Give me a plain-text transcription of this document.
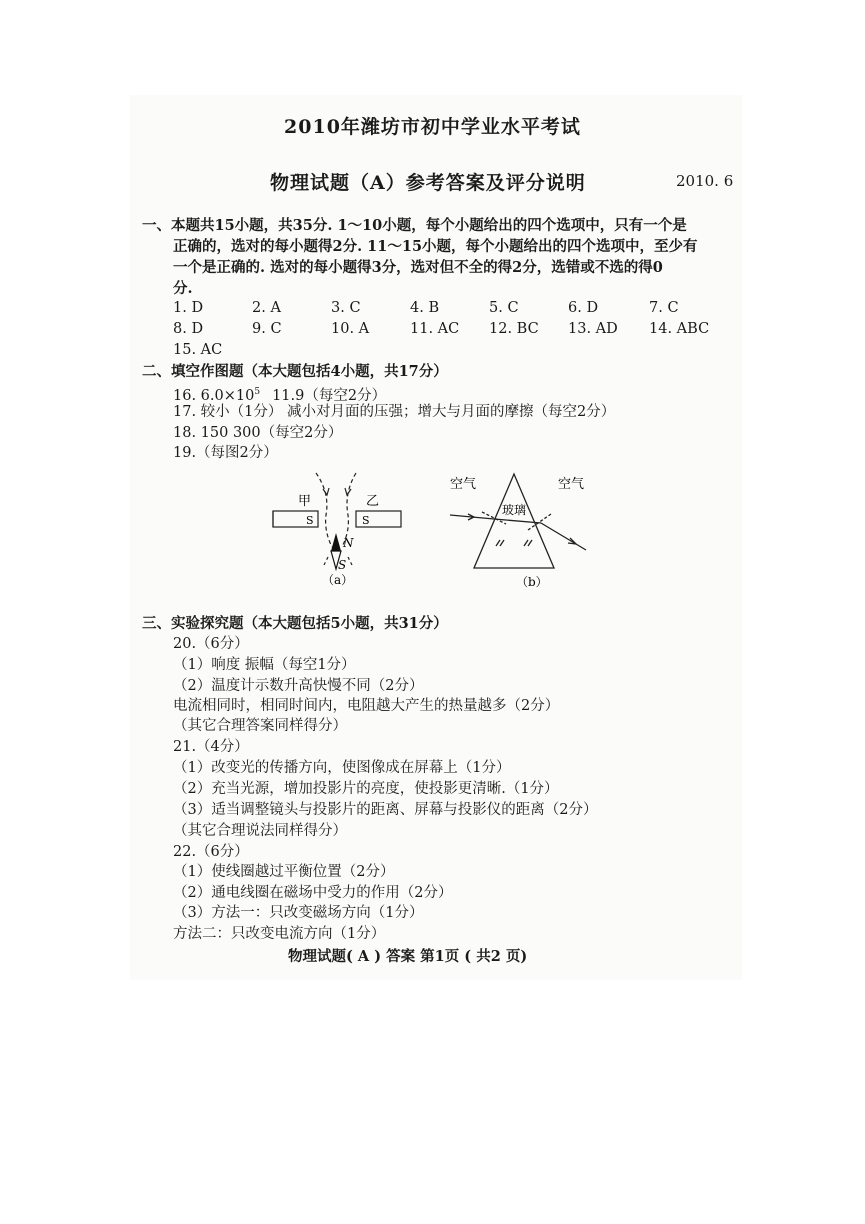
2010年潍坊市初中学业水平考试
物理试题（A）参考答案及评分说明	2010. 6
一、本题共15小题，共35分. 1～10小题，每个小题给出的四个选项中，只有一个是
正确的，选对的每小题得2分. 11～15小题，每个小题给出的四个选项中，至少有
一个是正确的. 选对的每小题得3分，选对但不全的得2分，选错或不选的得0
分.
1. D	2. A	3. C	4. B	5. C	6. D	7. C
8. D	9. C	10. A	11. AC 12. BC 13. AD 14. ABC
15. AC
二、填空作图题（本大题包括4小题，共17分）
16. $6.0\times 10^5$ 11.9（每空2分）
17. 较小（1分） 减小对月面的压强；增大与月面的摩擦（每空2分）
18. 150 300（每空2分）
19.（每图2分）
甲	乙
S	S
N
S
（a）
空气	空气
玻璃
（b）
三、实验探究题（本大题包括5小题，共31分）
20.（6分）
（1）响度 振幅（每空1分）
（2）温度计示数升高快慢不同（2分）
电流相同时，相同时间内，电阻越大产生的热量越多（2分）
（其它合理答案同样得分）
21.（4分）
（1）改变光的传播方向，使图像成在屏幕上（1分）
（2）充当光源，增加投影片的亮度，使投影更清晰.（1分）
（3）适当调整镜头与投影片的距离、屏幕与投影仪的距离（2分）
（其它合理说法同样得分）
22.（6分）
（1）使线圈越过平衡位置（2分）
（2）通电线圈在磁场中受力的作用（2分）
（3）方法一：只改变磁场方向（1分）
方法二：只改变电流方向（1分）
物理试题( A ) 答案 第1页 ( 共2 页)
